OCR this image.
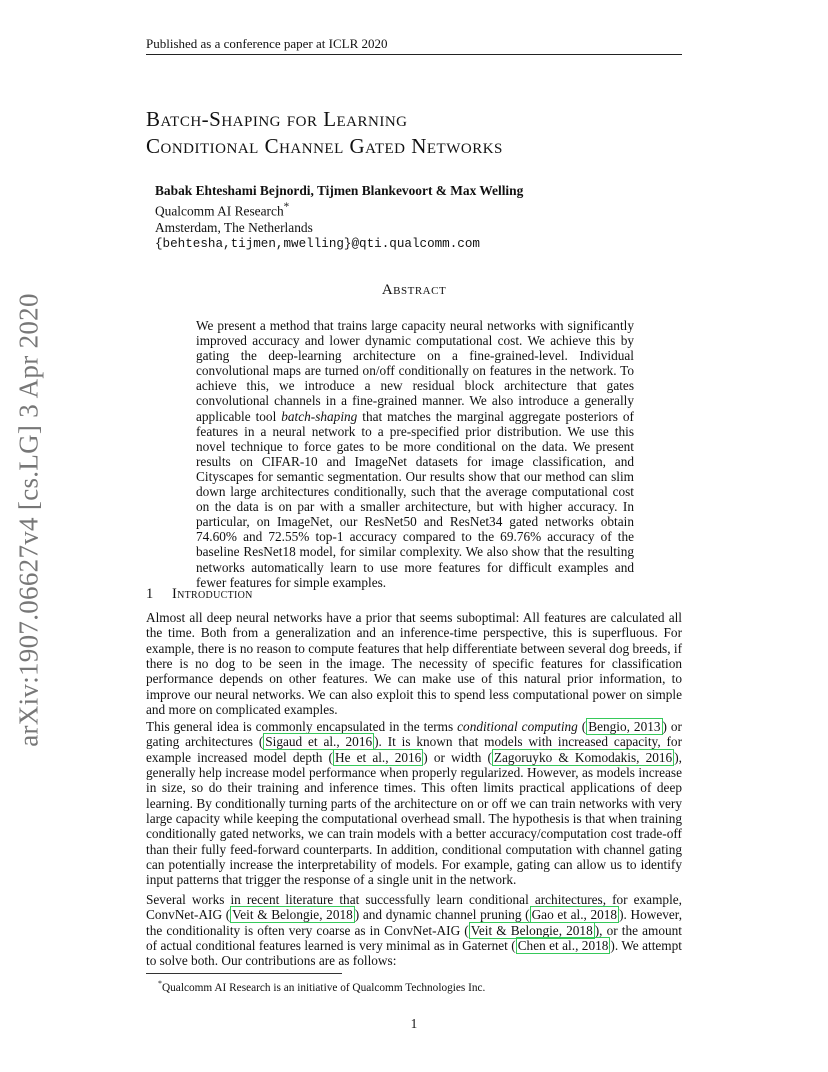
Published as a conference paper at ICLR 2020
arXiv:1907.06627v4 [cs.LG] 3 Apr 2020
Batch-Shaping for Learning
Conditional Channel Gated Networks
Babak Ehteshami Bejnordi, Tijmen Blankevoort & Max Welling
Qualcomm AI Research*
Amsterdam, The Netherlands
{behtesha,tijmen,mwelling}@qti.qualcomm.com
Abstract
We present a method that trains large capacity neural networks with significantly improved accuracy and lower dynamic computational cost. We achieve this by gating the deep-learning architecture on a fine-grained-level. Individual convolutional maps are turned on/off conditionally on features in the network. To achieve this, we introduce a new residual block architecture that gates convolutional channels in a fine-grained manner. We also introduce a generally applicable tool batch-shaping that matches the marginal aggregate posteriors of features in a neural network to a pre-specified prior distribution. We use this novel technique to force gates to be more conditional on the data. We present results on CIFAR-10 and ImageNet datasets for image classification, and Cityscapes for semantic segmentation. Our results show that our method can slim down large architectures conditionally, such that the average computational cost on the data is on par with a smaller architecture, but with higher accuracy. In particular, on ImageNet, our ResNet50 and ResNet34 gated networks obtain 74.60% and 72.55% top-1 accuracy compared to the 69.76% accuracy of the baseline ResNet18 model, for similar complexity. We also show that the resulting networks automatically learn to use more features for difficult examples and fewer features for simple examples.
1 Introduction
Almost all deep neural networks have a prior that seems suboptimal: All features are calculated all the time. Both from a generalization and an inference-time perspective, this is superfluous. For example, there is no reason to compute features that help differentiate between several dog breeds, if there is no dog to be seen in the image. The necessity of specific features for classification performance depends on other features. We can make use of this natural prior information, to improve our neural networks. We can also exploit this to spend less computational power on simple and more on complicated examples.
This general idea is commonly encapsulated in the terms conditional computing ( Bengio, 2013 ) or gating architectures ( Sigaud et al., 2016 ). It is known that models with increased capacity, for example increased model depth ( He et al., 2016 ) or width ( Zagoruyko & Komodakis, 2016 ), generally help increase model performance when properly regularized. However, as models increase in size, so do their training and inference times. This often limits practical applications of deep learning. By conditionally turning parts of the architecture on or off we can train networks with very large capacity while keeping the computational overhead small. The hypothesis is that when training conditionally gated networks, we can train models with a better accuracy/computation cost trade-off than their fully feed-forward counterparts. In addition, conditional computation with channel gating can potentially increase the interpretability of models. For example, gating can allow us to identify input patterns that trigger the response of a single unit in the network.
Several works in recent literature that successfully learn conditional architectures, for example, ConvNet-AIG ( Veit & Belongie, 2018 ) and dynamic channel pruning ( Gao et al., 2018 ). However, the conditionality is often very coarse as in ConvNet-AIG ( Veit & Belongie, 2018 ), or the amount of actual conditional features learned is very minimal as in Gaternet ( Chen et al., 2018 ). We attempt to solve both. Our contributions are as follows:
*Qualcomm AI Research is an initiative of Qualcomm Technologies Inc.
1
